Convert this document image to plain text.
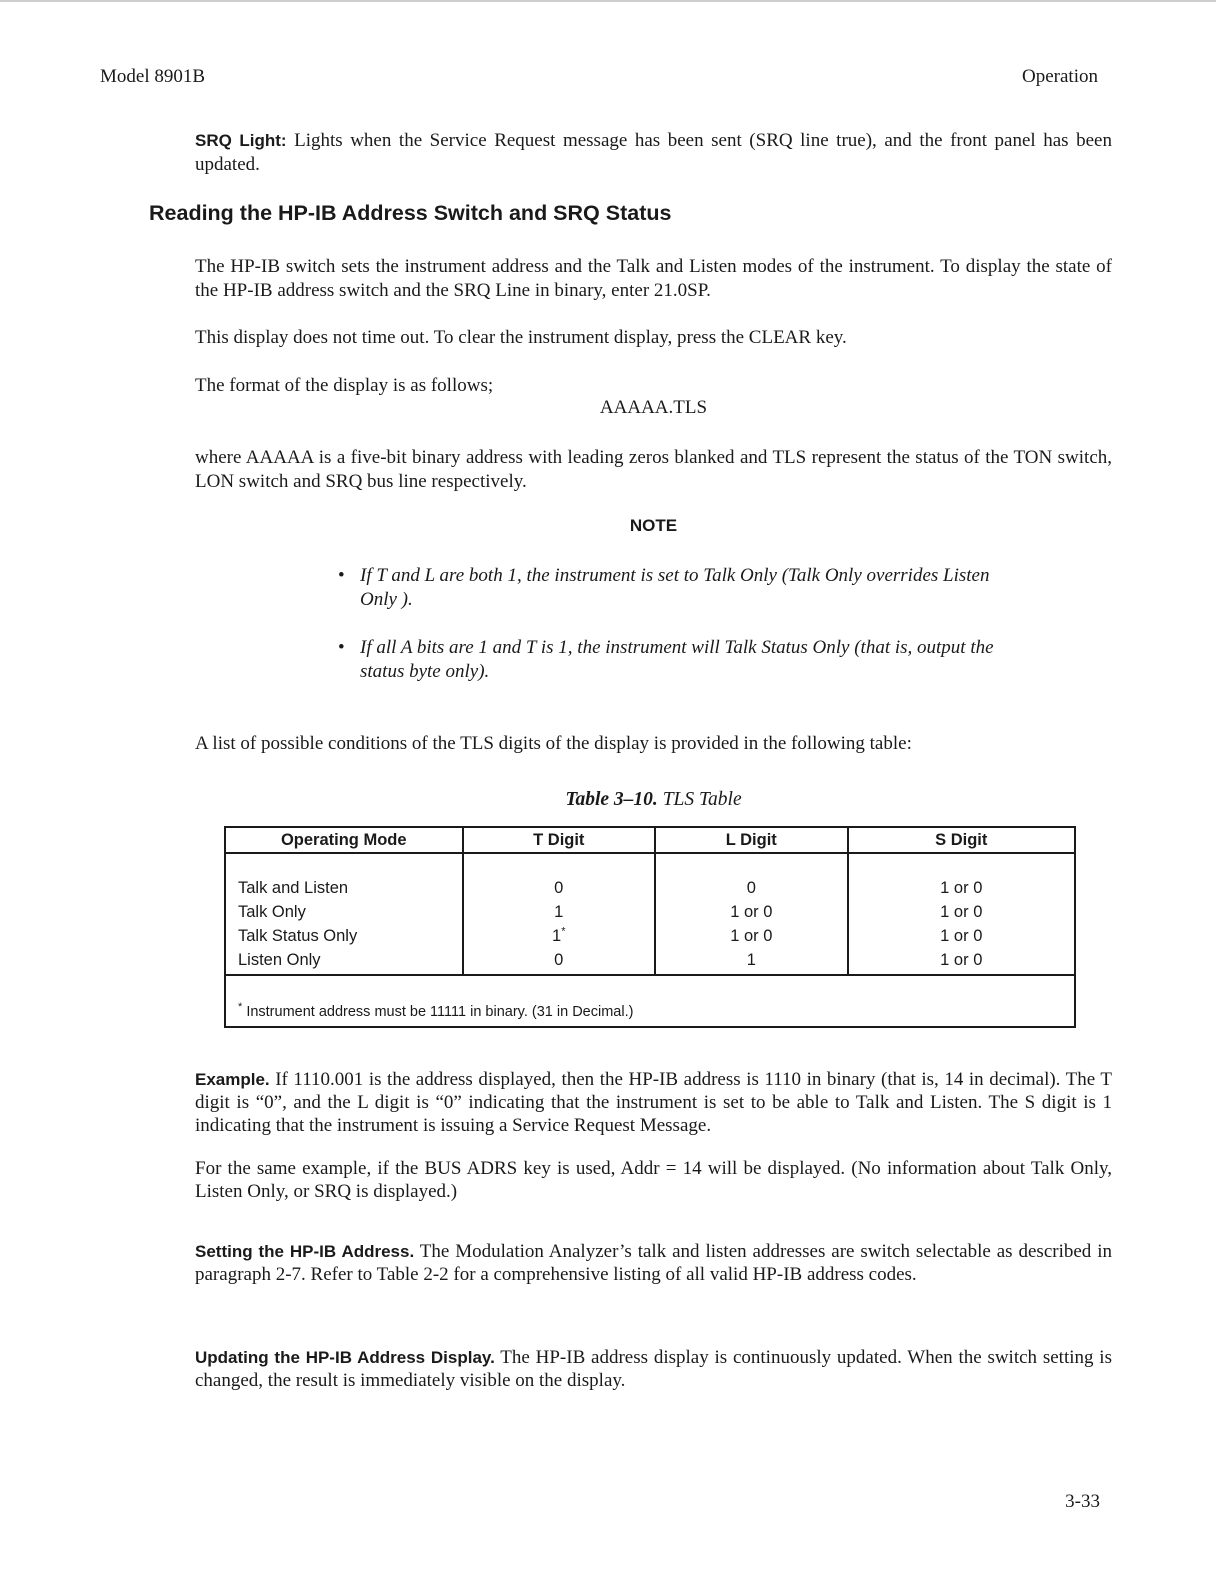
Model 8901B	Operation
SRQ Light: Lights when the Service Request message has been sent (SRQ line true), and the front panel has been updated.
Reading the HP-IB Address Switch and SRQ Status
The HP-IB switch sets the instrument address and the Talk and Listen modes of the instrument. To display the state of the HP-IB address switch and the SRQ Line in binary, enter 21.0SP.
This display does not time out. To clear the instrument display, press the CLEAR key.
The format of the display is as follows;
AAAAA.TLS
where AAAAA is a five-bit binary address with leading zeros blanked and TLS represent the status of the TON switch, LON switch and SRQ bus line respectively.
NOTE
• If T and L are both 1, the instrument is set to Talk Only (Talk Only overrides Listen Only ).
• If all A bits are 1 and T is 1, the instrument will Talk Status Only (that is, output the status byte only).
A list of possible conditions of the TLS digits of the display is provided in the following table:
Table 3–10. TLS Table
Operating Mode	T Digit	L Digit	S Digit

Talk and Listen	0	0	1 or 0
Talk Only	1	1 or 0	1 or 0
Talk Status Only	1*	1 or 0	1 or 0
Listen Only	0	1	1 or 0
* Instrument address must be 11111 in binary. (31 in Decimal.)			
Example. If 1110.001 is the address displayed, then the HP-IB address is 1110 in binary (that is, 14 in decimal). The T digit is “0”, and the L digit is “0” indicating that the instrument is set to be able to Talk and Listen. The S digit is 1 indicating that the instrument is issuing a Service Request Message.
For the same example, if the BUS ADRS key is used, Addr = 14 will be displayed. (No information about Talk Only, Listen Only, or SRQ is displayed.)
Setting the HP-IB Address. The Modulation Analyzer’s talk and listen addresses are switch selectable as described in paragraph 2-7. Refer to Table 2-2 for a comprehensive listing of all valid HP-IB address codes.
Updating the HP-IB Address Display. The HP-IB address display is continuously updated. When the switch setting is changed, the result is immediately visible on the display.
3-33
